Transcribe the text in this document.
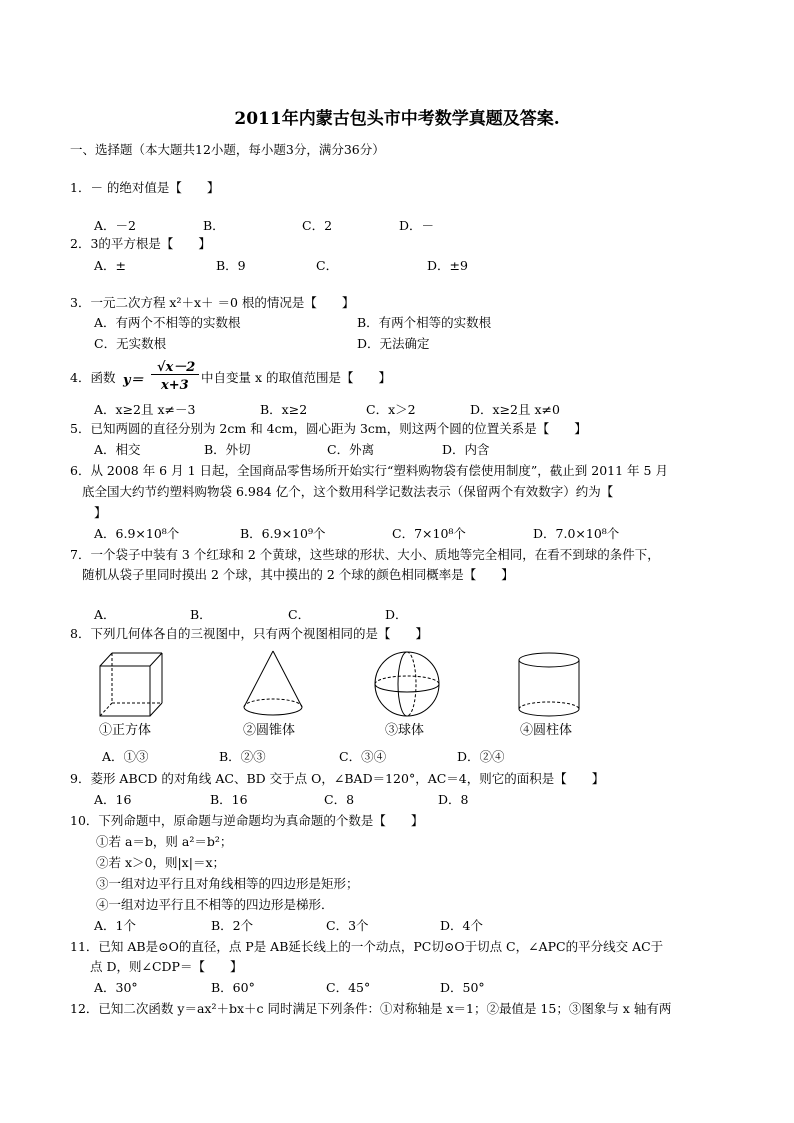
2011年内蒙古包头市中考数学真题及答案.
一、选择题（本大题共12小题，每小题3分，满分36分）
1．－ 的绝对值是【　　】
A．－2	B．	C．2	D．－
2．3的平方根是【　　】
A．±	B．9	C．	D．±9
3．一元二次方程 x²＋x＋ ＝0 根的情况是【　　】
A．有两个不相等的实数根	B．有两个相等的实数根
C．无实数根	D．无法确定
4．函数 y＝
√x－2
x+3
中自变量 x 的取值范围是【　　】
A．x≥2且 x≠－3	B．x≥2	C．x＞2	D．x≥2且 x≠0
5．已知两圆的直径分别为 2cm 和 4cm，圆心距为 3cm，则这两个圆的位置关系是【　　】
A．相交	B．外切	C．外离	D．内含
6．从 2008 年 6 月 1 日起，全国商品零售场所开始实行“塑料购物袋有偿使用制度”，截止到 2011 年 5 月
底全国大约节约塑料购物袋 6.984 亿个，这个数用科学记数法表示（保留两个有效数字）约为【
】
A．6.9×10⁸个	B．6.9×10⁹个	C．7×10⁸个	D．7.0×10⁸个
7．一个袋子中装有 3 个红球和 2 个黄球，这些球的形状、大小、质地等完全相同，在看不到球的条件下，
随机从袋子里同时摸出 2 个球，其中摸出的 2 个球的颜色相同概率是【　　】
A．	B．	C．	D．
8．下列几何体各自的三视图中，只有两个视图相同的是【　　】
①正方体	②圆锥体	③球体	④圆柱体
A．①③	B．②③	C．③④	D．②④
9．菱形 ABCD 的对角线 AC、BD 交于点 O，∠BAD＝120°，AC＝4，则它的面积是【　　】
A．16	B．16	C．8	D．8
10．下列命题中，原命题与逆命题均为真命题的个数是【　　】
①若 a＝b，则 a²＝b²；
②若 x＞0，则|x|＝x；
③一组对边平行且对角线相等的四边形是矩形；
④一组对边平行且不相等的四边形是梯形．
A．1个	B．2个	C．3个	D．4个
11．已知 AB是⊙O的直径，点 P是 AB延长线上的一个动点，PC切⊙O于切点 C，∠APC的平分线交 AC于
点 D，则∠CDP＝【　　】
A．30°	B．60°	C．45°	D．50°
12．已知二次函数 y＝ax²＋bx＋c 同时满足下列条件：①对称轴是 x＝1；②最值是 15；③图象与 x 轴有两
